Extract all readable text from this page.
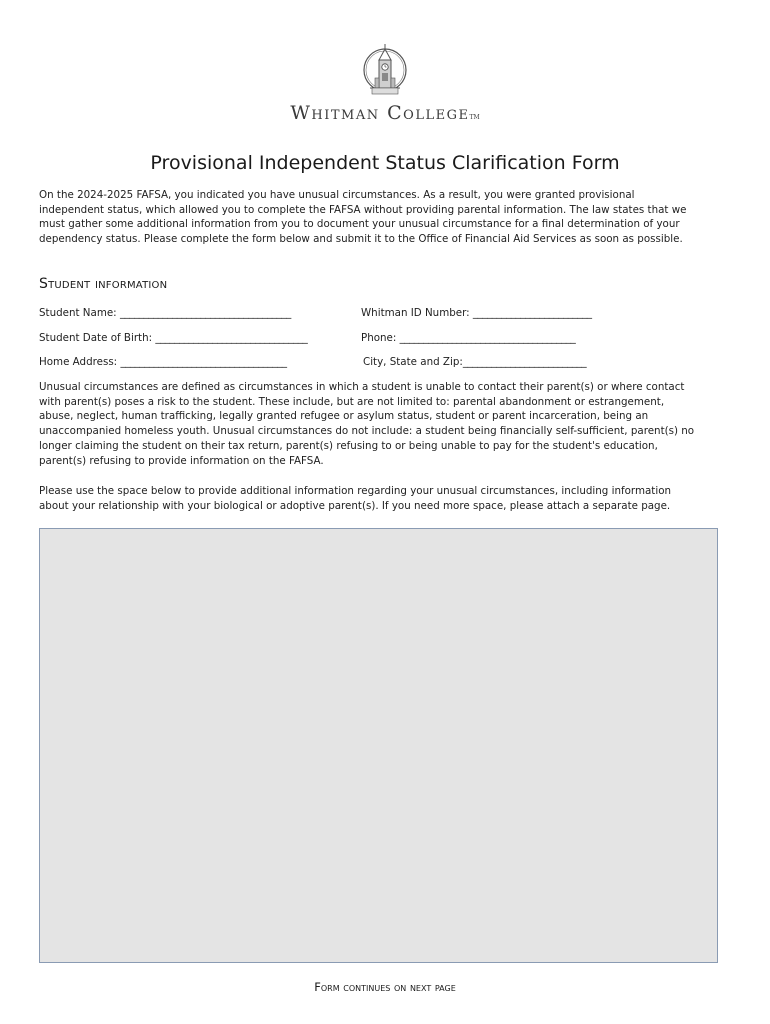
Whitman CollegeTM
Provisional Independent Status Clarification Form

On the 2024-2025 FAFSA, you indicated you have unusual circumstances. As a result, you were granted provisional independent status, which allowed you to complete the FAFSA without providing parental information. The law states that we must gather some additional information from you to document your unusual circumstance for a final determination of your dependency status. Please complete the form below and submit it to the Office of Financial Aid Services as soon as possible.

Student information
Student Name: ____________________________________	Whitman ID Number: _________________________
Student Date of Birth: ________________________________	Phone: _____________________________________
Home Address: ___________________________________	City, State and Zip:__________________________

Unusual circumstances are defined as circumstances in which a student is unable to contact their parent(s) or where contact with parent(s) poses a risk to the student. These include, but are not limited to: parental abandonment or estrangement, abuse, neglect, human trafficking, legally granted refugee or asylum status, student or parent incarceration, being an unaccompanied homeless youth. Unusual circumstances do not include: a student being financially self-sufficient, parent(s) no longer claiming the student on their tax return, parent(s) refusing to or being unable to pay for the student's education, parent(s) refusing to provide information on the FAFSA.

Please use the space below to provide additional information regarding your unusual circumstances, including information about your relationship with your biological or adoptive parent(s). If you need more space, please attach a separate page.

Form continues on next page
